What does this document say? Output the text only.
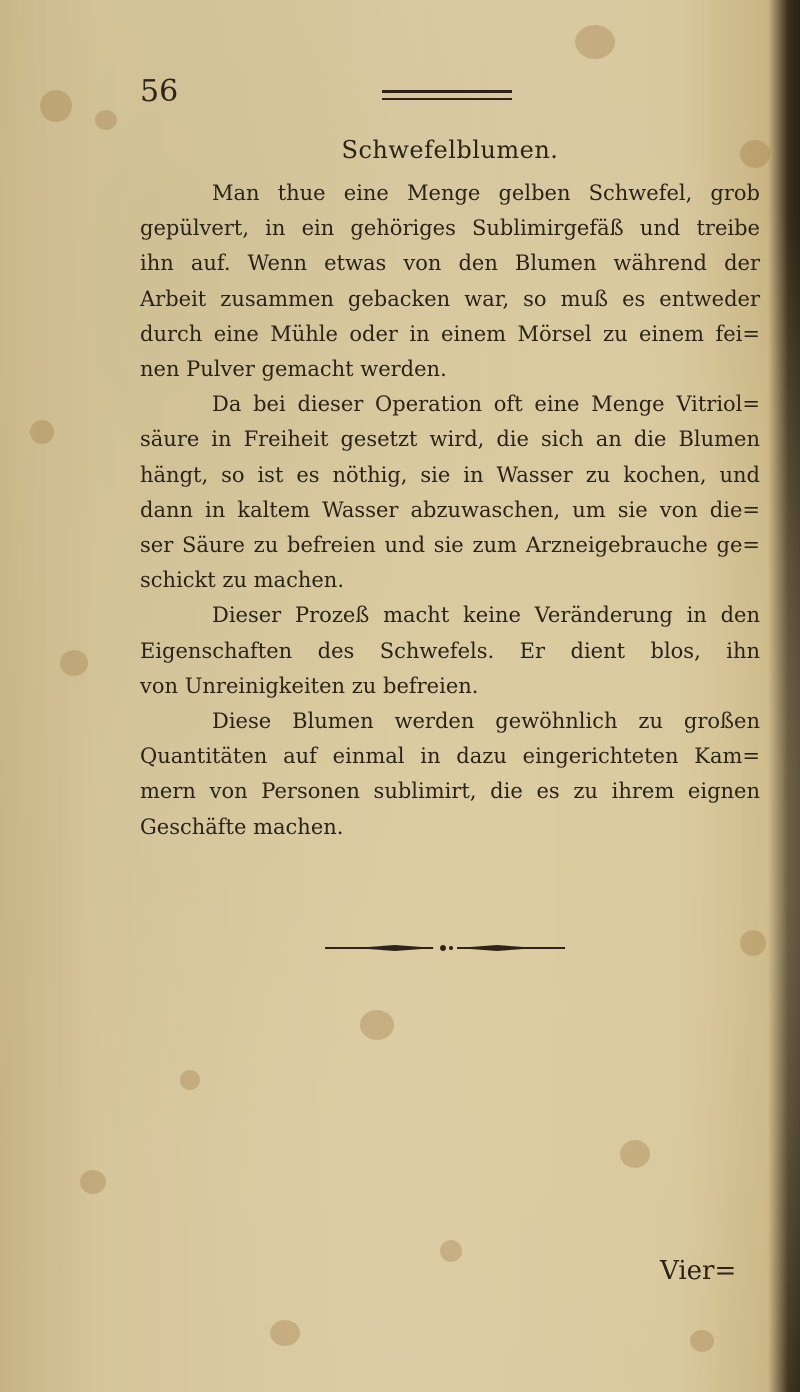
56
Schwefelblumen.
Man thue eine Menge gelben Schwefel, grob
gepülvert, in ein gehöriges Sublimirgefäß und treibe
ihn auf. Wenn etwas von den Blumen während der
Arbeit zusammen gebacken war, so muß es entweder
durch eine Mühle oder in einem Mörsel zu einem fei=
nen Pulver gemacht werden.
Da bei dieser Operation oft eine Menge Vitriol=
säure in Freiheit gesetzt wird, die sich an die Blumen
hängt, so ist es nöthig, sie in Wasser zu kochen, und
dann in kaltem Wasser abzuwaschen, um sie von die=
ser Säure zu befreien und sie zum Arzneigebrauche ge=
schickt zu machen.
Dieser Prozeß macht keine Veränderung in den
Eigenschaften des Schwefels. Er dient blos, ihn
von Unreinigkeiten zu befreien.
Diese Blumen werden gewöhnlich zu großen
Quantitäten auf einmal in dazu eingerichteten Kam=
mern von Personen sublimirt, die es zu ihrem eignen
Geschäfte machen.
Vier=
